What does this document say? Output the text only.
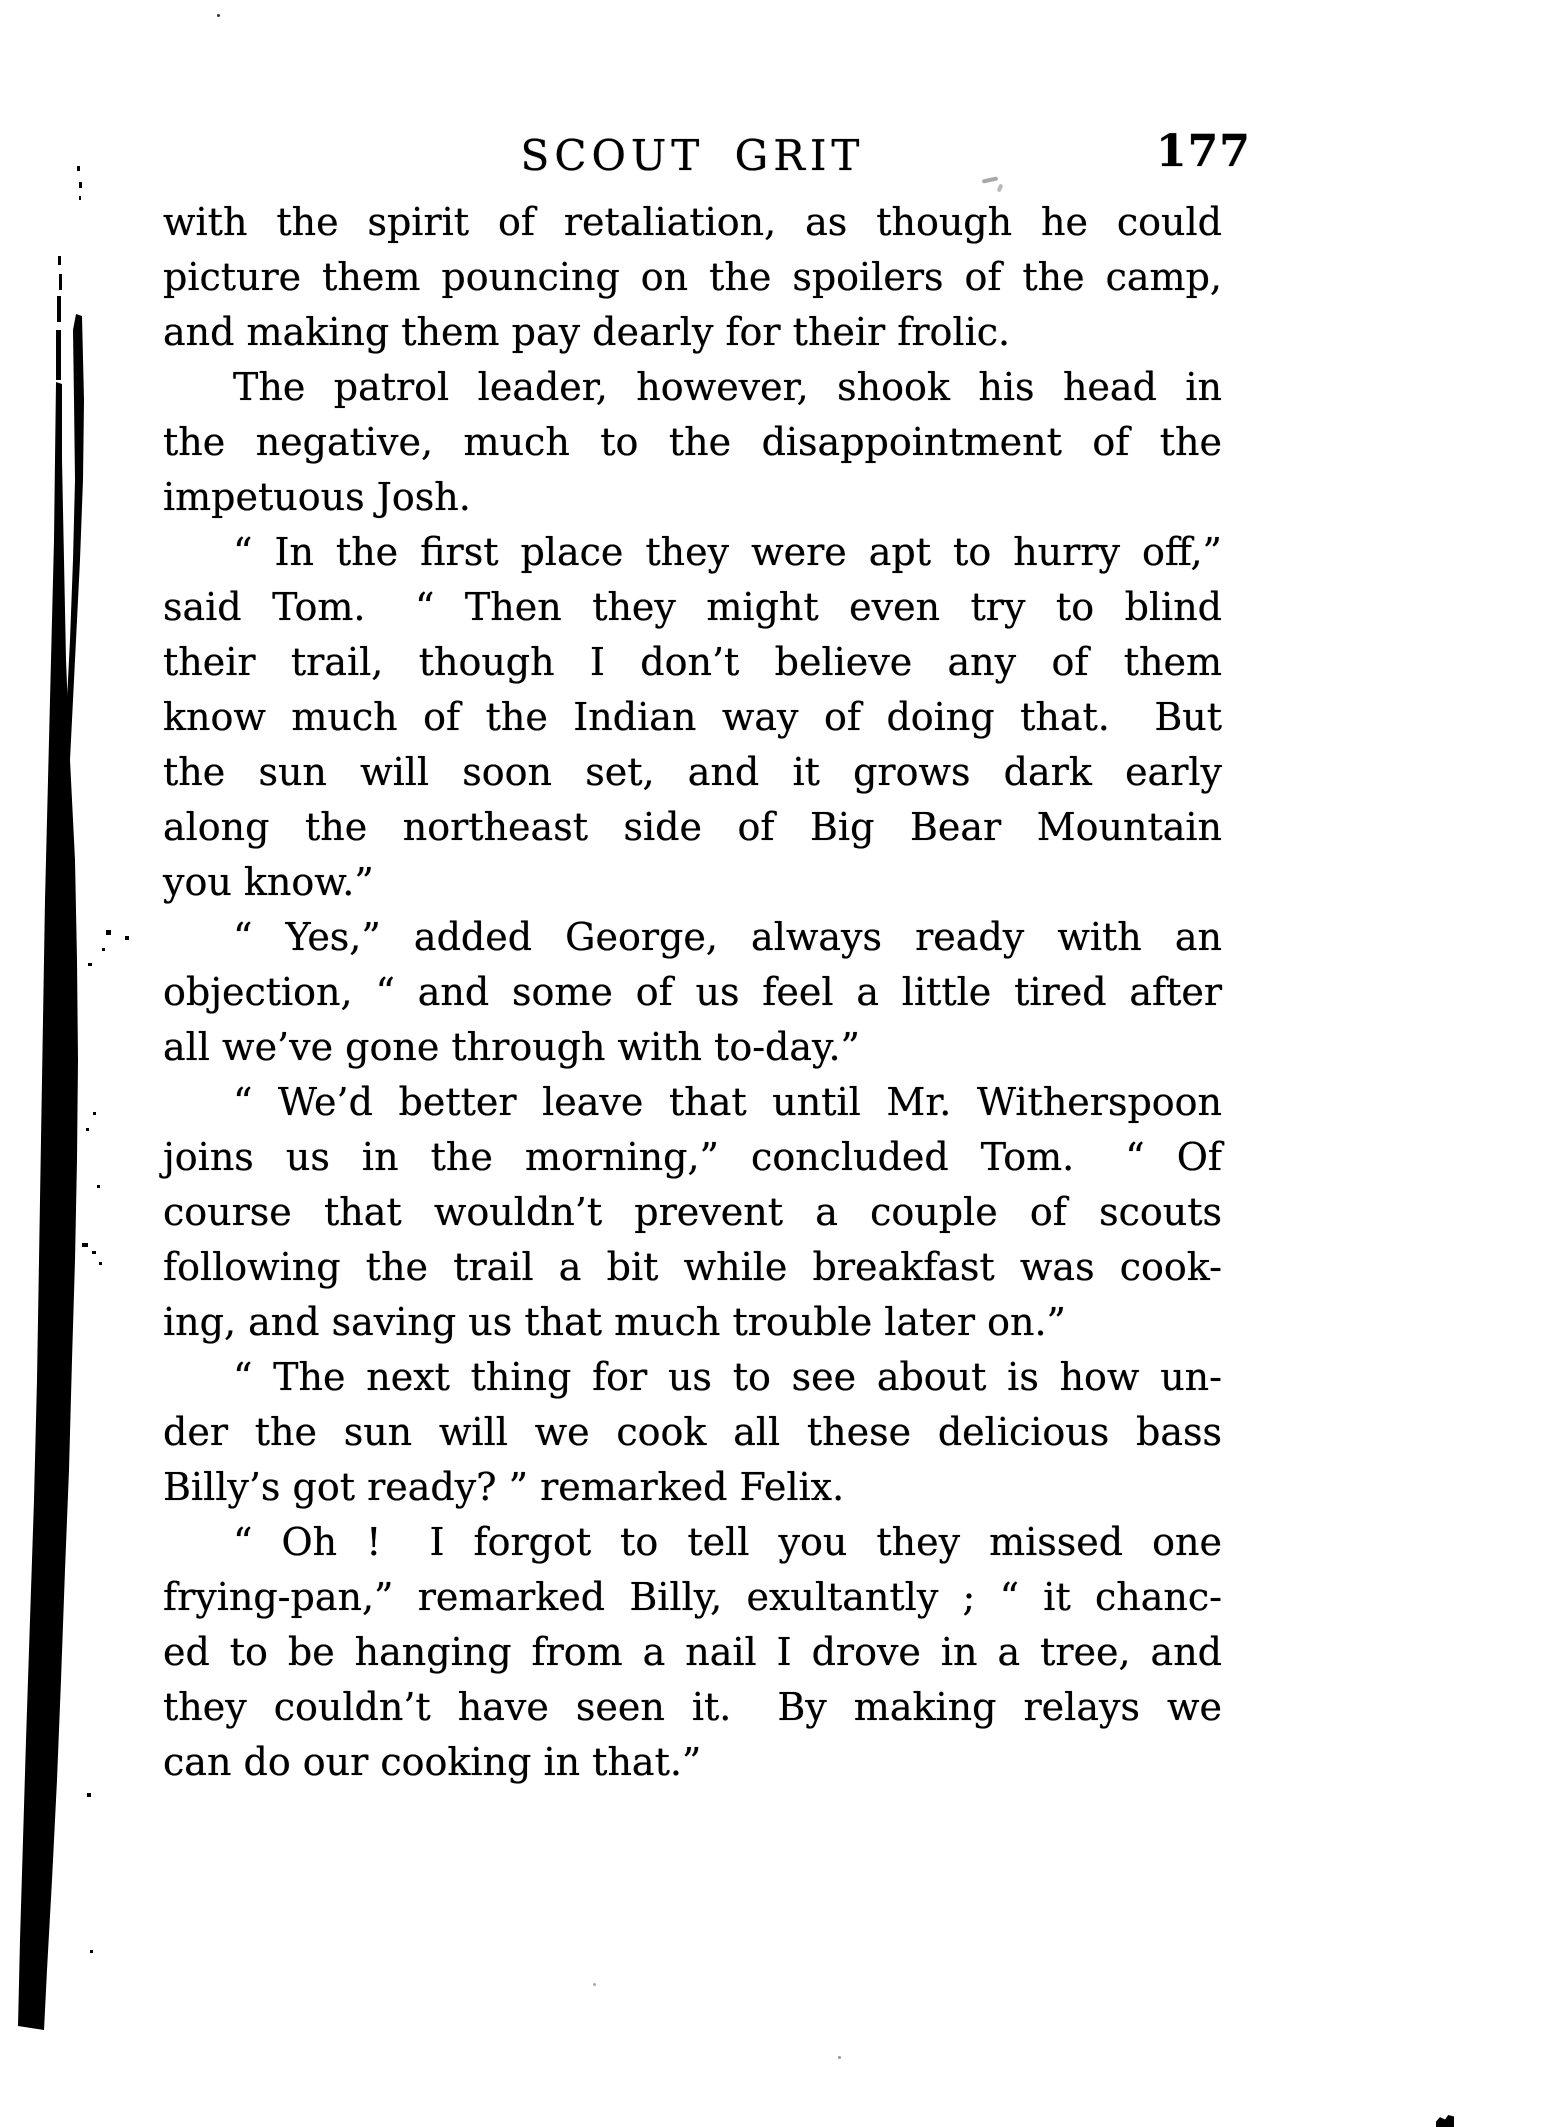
SCOUT GRIT	177
with the spirit of retaliation, as though he could
picture them pouncing on the spoilers of the camp,
and making them pay dearly for their frolic.
The patrol leader, however, shook his head in
the negative, much to the disappointment of the
impetuous Josh.
“ In the first place they were apt to hurry off,”
said Tom.  “ Then they might even try to blind
their trail, though I don’t believe any of them
know much of the Indian way of doing that.  But
the sun will soon set, and it grows dark early
along the northeast side of Big Bear Mountain
you know.”
“ Yes,” added George, always ready with an
objection, “ and some of us feel a little tired after
all we’ve gone through with to-day.”
“ We’d better leave that until Mr. Witherspoon
joins us in the morning,” concluded Tom.  “ Of
course that wouldn’t prevent a couple of scouts
following the trail a bit while breakfast was cook-
ing, and saving us that much trouble later on.”
“ The next thing for us to see about is how un-
der the sun will we cook all these delicious bass
Billy’s got ready? ” remarked Felix.
“ Oh !  I forgot to tell you they missed one
frying-pan,” remarked Billy, exultantly ; “ it chanc-
ed to be hanging from a nail I drove in a tree, and
they couldn’t have seen it.  By making relays we
can do our cooking in that.”
